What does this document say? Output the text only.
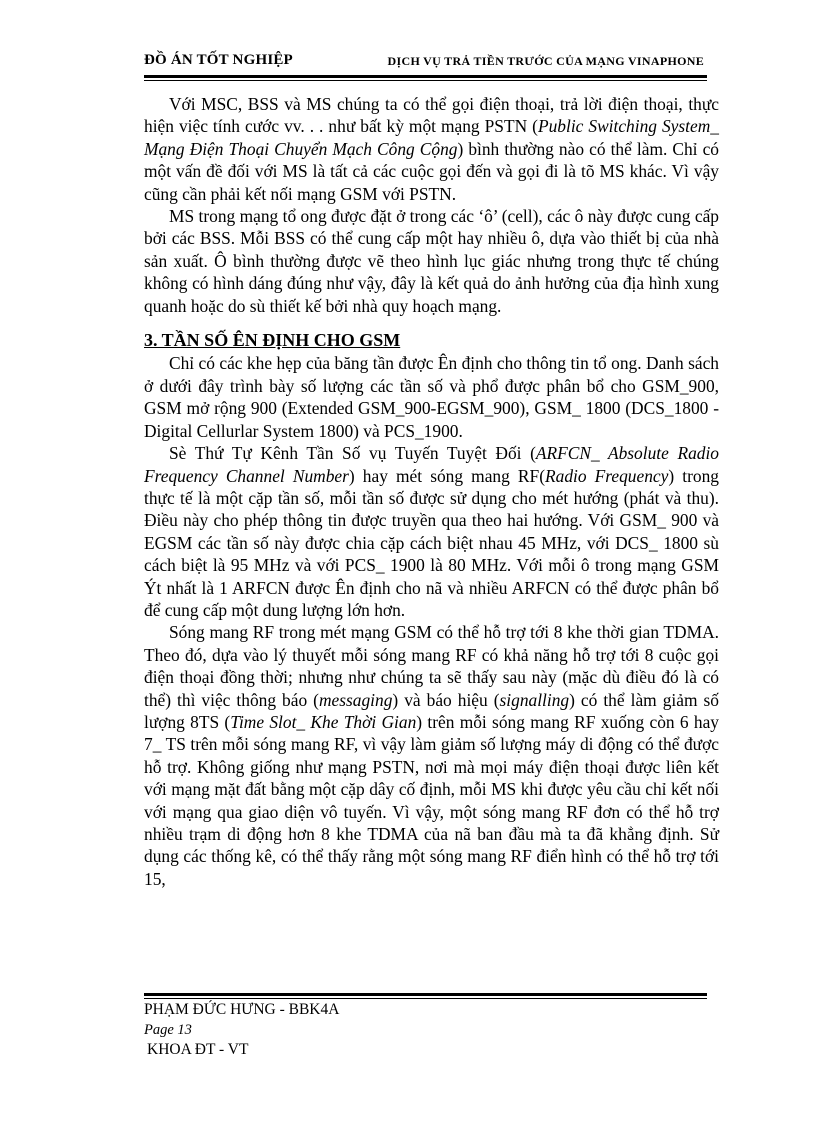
ĐỒ ÁN TỐT NGHIỆP	DỊCH VỤ TRẢ TIỀN TRƯỚC CỦA MẠNG VINAPHONE

Với MSC, BSS và MS chúng ta có thể gọi điện thoại, trả lời điện thoại, thực hiện việc tính cước vv. . . như bất kỳ một mạng PSTN (Public Switching System_ Mạng Điện Thoại Chuyển Mạch Công Cộng) bình thường nào có thể làm. Chỉ có một vấn đề đối với MS là tất cả các cuộc gọi đến và gọi đi là tõ MS khác. Vì vậy cũng cần phải kết nối mạng GSM với PSTN.

MS trong mạng tổ ong được đặt ở trong các ‘ô’ (cell), các ô này được cung cấp bởi các BSS. Mỗi BSS có thể cung cấp một hay nhiều ô, dựa vào thiết bị của nhà sản xuất. Ô bình thường được vẽ theo hình lục giác nhưng trong thực tế chúng không có hình dáng đúng như vậy, đây là kết quả do ảnh hưởng của địa hình xung quanh hoặc do sù thiết kế bởi nhà quy hoạch mạng.

3. TẦN SỐ ÊN ĐỊNH CHO GSM

Chỉ có các khe hẹp của băng tần được Ên định cho thông tin tổ ong. Danh sách ở dưới đây trình bày số lượng các tần số và phổ được phân bổ cho GSM_900, GSM mở rộng 900 (Extended GSM_900-EGSM_900), GSM_ 1800 (DCS_1800 - Digital Cellurlar System 1800) và PCS_1900.

Sè Thứ Tự Kênh Tần Số vụ Tuyến Tuyệt Đối (ARFCN_ Absolute Radio Frequency Channel Number) hay mét sóng mang RF(Radio Frequency) trong thực tế là một cặp tần số, mỗi tần số được sử dụng cho mét hướng (phát và thu). Điều này cho phép thông tin được truyền qua theo hai hướng. Với GSM_ 900 và EGSM các tần số này được chia cặp cách biệt nhau 45 MHz, với DCS_ 1800 sù cách biệt là 95 MHz và với PCS_ 1900 là 80 MHz. Với mỗi ô trong mạng GSM Ýt nhất là 1 ARFCN được Ên định cho nã và nhiều ARFCN có thể được phân bổ để cung cấp một dung lượng lớn hơn.

Sóng mang RF trong mét mạng GSM có thể hỗ trợ tới 8 khe thời gian TDMA. Theo đó, dựa vào lý thuyết mỗi sóng mang RF có khả năng hỗ trợ tới 8 cuộc gọi điện thoại đồng thời; nhưng như chúng ta sẽ thấy sau này (mặc dù điều đó là có thể) thì việc thông báo (messaging) và báo hiệu (signalling) có thể làm giảm số lượng 8TS (Time Slot_ Khe Thời Gian) trên mỗi sóng mang RF xuống còn 6 hay 7_ TS trên mỗi sóng mang RF, vì vậy làm giảm số lượng máy di động có thể được hỗ trợ. Không giống như mạng PSTN, nơi mà mọi máy điện thoại được liên kết với mạng mặt đất bằng một cặp dây cố định, mỗi MS khi được yêu cầu chỉ kết nối với mạng qua giao diện vô tuyến. Vì vậy, một sóng mang RF đơn có thể hỗ trợ nhiều trạm di động hơn 8 khe TDMA của nã ban đầu mà ta đã khẳng định. Sử dụng các thống kê, có thể thấy rằng một sóng mang RF điển hình có thể hỗ trợ tới 15,

PHẠM ĐỨC HƯNG - BBK4A
Page 13
KHOA ĐT - VT
